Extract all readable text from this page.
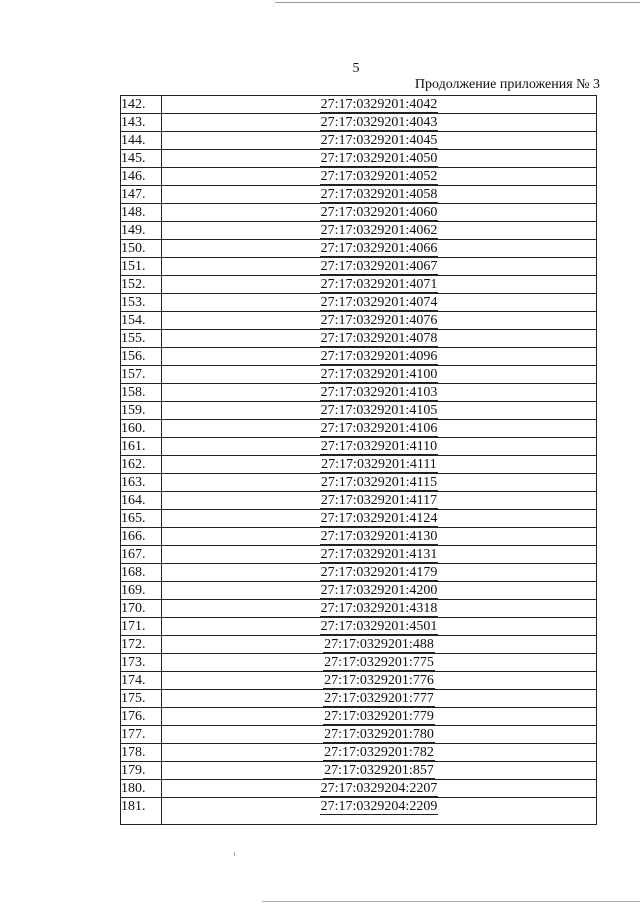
5
Продолжение приложения № 3
142.	27:17:0329201:4042
143.	27:17:0329201:4043
144.	27:17:0329201:4045
145.	27:17:0329201:4050
146.	27:17:0329201:4052
147.	27:17:0329201:4058
148.	27:17:0329201:4060
149.	27:17:0329201:4062
150.	27:17:0329201:4066
151.	27:17:0329201:4067
152.	27:17:0329201:4071
153.	27:17:0329201:4074
154.	27:17:0329201:4076
155.	27:17:0329201:4078
156.	27:17:0329201:4096
157.	27:17:0329201:4100
158.	27:17:0329201:4103
159.	27:17:0329201:4105
160.	27:17:0329201:4106
161.	27:17:0329201:4110
162.	27:17:0329201:4111
163.	27:17:0329201:4115
164.	27:17:0329201:4117
165.	27:17:0329201:4124
166.	27:17:0329201:4130
167.	27:17:0329201:4131
168.	27:17:0329201:4179
169.	27:17:0329201:4200
170.	27:17:0329201:4318
171.	27:17:0329201:4501
172.	27:17:0329201:488
173.	27:17:0329201:775
174.	27:17:0329201:776
175.	27:17:0329201:777
176.	27:17:0329201:779
177.	27:17:0329201:780
178.	27:17:0329201:782
179.	27:17:0329201:857
180.	27:17:0329204:2207
181.	27:17:0329204:2209
